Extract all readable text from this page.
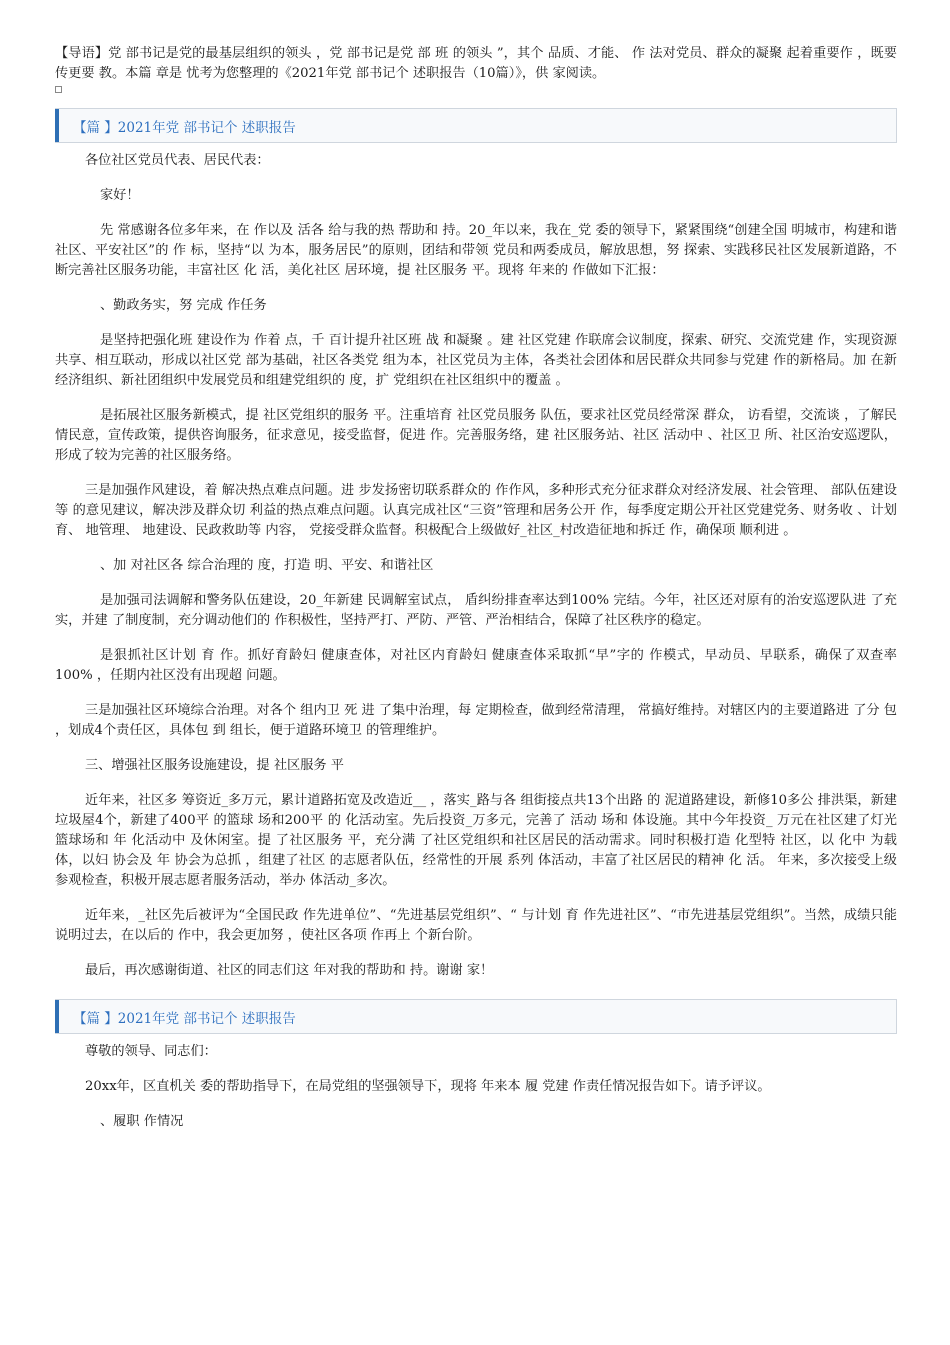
【导语】党 部书记是党的最基层组织的领头 ，党 部书记是党 部 班 的领头 ”，其个 品质、才能、 作 法对党员、群众的凝聚 起着重要作 ，既要 传更要 教。本篇 章是 忧考为您整理的《2021年党 部书记个 述职报告（10篇）》，供 家阅读。

【篇 】2021年党 部书记个 述职报告

各位社区党员代表、居民代表：

家好！

先 常感谢各位多年来，在 作以及 活各 给与我的热 帮助和 持。20_年以来，我在_党 委的领导下，紧紧围绕“创建全国 明城市，构建和谐社区、平安社区”的 作 标，坚持“以 为本，服务居民”的原则，团结和带领 党员和两委成员，解放思想，努 探索、实践移民社区发展新道路，不断完善社区服务功能，丰富社区 化 活，美化社区 居环境，提 社区服务 平。现将 年来的 作做如下汇报：

、勤政务实，努 完成 作任务

是坚持把强化班 建设作为 作着 点，千 百计提升社区班 战 和凝聚 。建 社区党建 作联席会议制度，探索、研究、交流党建 作，实现资源共享、相互联动，形成以社区党 部为基础，社区各类党 组为本，社区党员为主体，各类社会团体和居民群众共同参与党建 作的新格局。加 在新经济组织、新社团组织中发展党员和组建党组织的 度，扩 党组织在社区组织中的覆盖 。

是拓展社区服务新模式，提 社区党组织的服务 平。注重培育 社区党员服务 队伍，要求社区党员经常深 群众， 访看望，交流谈 ，了解民情民意，宣传政策，提供咨询服务，征求意见，接受监督，促进 作。完善服务络，建 社区服务站、社区 活动中 、社区卫 所、社区治安巡逻队，形成了较为完善的社区服务络。

三是加强作风建设，着 解决热点难点问题。进 步发扬密切联系群众的 作作风，多种形式充分征求群众对经济发展、社会管理、 部队伍建设等 的意见建议，解决涉及群众切 利益的热点难点问题。认真完成社区“三资”管理和居务公开 作，每季度定期公开社区党建党务、财务收 、计划 育、 地管理、 地建设、民政救助等 内容， 党接受群众监督。积极配合上级做好_社区_村改造征地和拆迁 作，确保项 顺利进 。

、加 对社区各 综合治理的 度，打造 明、平安、和谐社区

是加强司法调解和警务队伍建设，20_年新建 民调解室试点， 盾纠纷排查率达到100% 完结。今年，社区还对原有的治安巡逻队进 了充实，并建 了制度制，充分调动他们的 作积极性，坚持严打、严防、严管、严治相结合，保障了社区秩序的稳定。

是狠抓社区计划 育 作。抓好育龄妇 健康查体，对社区内育龄妇 健康查体采取抓“早”字的 作模式，早动员、早联系，确保了双查率100% ，任期内社区没有出现超 问题。

三是加强社区环境综合治理。对各个 组内卫 死 进 了集中治理，每 定期检查，做到经常清理， 常搞好维持。对辖区内的主要道路进 了分 包 ，划成4个责任区，具体包 到 组长，便于道路环境卫 的管理维护。

三、增强社区服务设施建设，提 社区服务 平

近年来，社区多 筹资近_多万元，累计道路拓宽及改造近__ ，落实_路与各 组街接点共13个出路 的 泥道路建设，新修10多公 排洪渠，新建垃圾屋4个，新建了400平 的篮球 场和200平 的 化活动室。先后投资_万多元，完善了 活动 场和 体设施。其中今年投资_ 万元在社区建了灯光篮球场和 年 化活动中 及休闲室。提 了社区服务 平，充分满 了社区党组织和社区居民的活动需求。同时积极打造 化型特 社区，以 化中 为载体，以妇 协会及 年 协会为总抓 ，组建了社区 的志愿者队伍，经常性的开展 系列 体活动，丰富了社区居民的精神 化 活。 年来，多次接受上级参观检查，积极开展志愿者服务活动，举办 体活动_多次。

近年来，_社区先后被评为“全国民政 作先进单位”、“先进基层党组织”、“ 与计划 育 作先进社区”、“市先进基层党组织”。当然，成绩只能说明过去，在以后的 作中，我会更加努 ，使社区各项 作再上 个新台阶。

最后，再次感谢街道、社区的同志们这 年对我的帮助和 持。谢谢 家！

【篇 】2021年党 部书记个 述职报告

尊敬的领导、同志们：

20xx年，区直机关 委的帮助指导下，在局党组的坚强领导下，现将 年来本 履 党建 作责任情况报告如下。请予评议。

、履职 作情况
